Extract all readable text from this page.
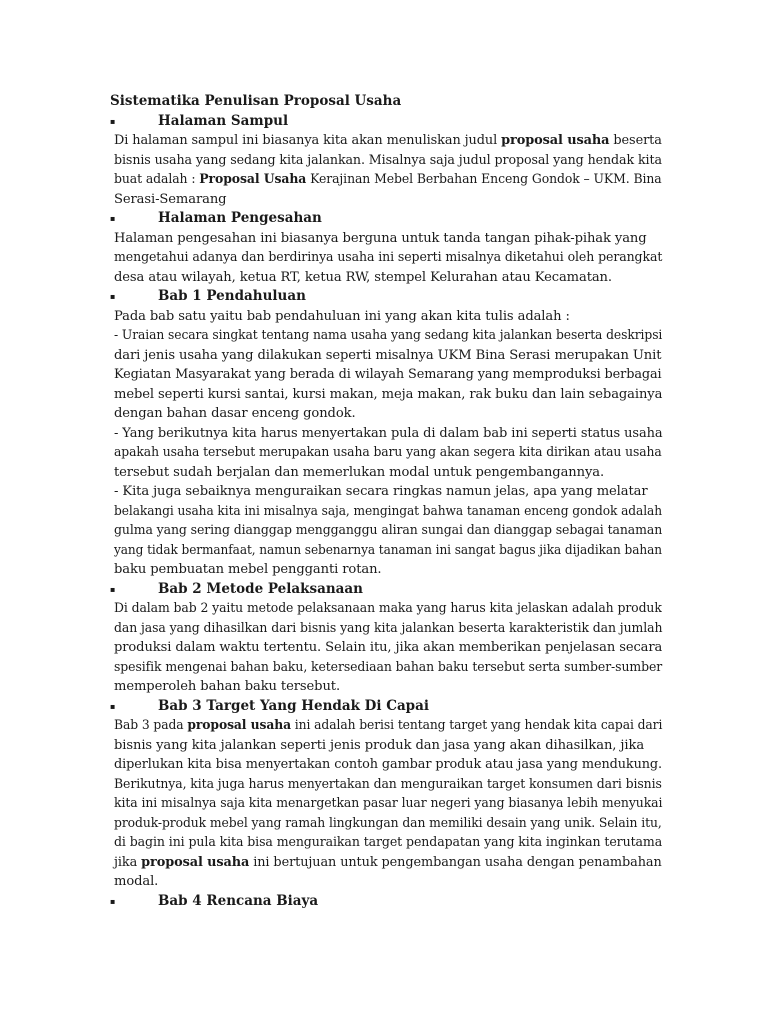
Sistematika Penulisan Proposal Usaha
▪	Halaman Sampul
Di halaman sampul ini biasanya kita akan menuliskan judul proposal usaha beserta
bisnis usaha yang sedang kita jalankan. Misalnya saja judul proposal yang hendak kita
buat adalah : Proposal Usaha Kerajinan Mebel Berbahan Enceng Gondok – UKM. Bina
Serasi-Semarang
▪	Halaman Pengesahan
Halaman pengesahan ini biasanya berguna untuk tanda tangan pihak-pihak yang
mengetahui adanya dan berdirinya usaha ini seperti misalnya diketahui oleh perangkat
desa atau wilayah, ketua RT, ketua RW, stempel Kelurahan atau Kecamatan.
▪	Bab 1 Pendahuluan
Pada bab satu yaitu bab pendahuluan ini yang akan kita tulis adalah :
- Uraian secara singkat tentang nama usaha yang sedang kita jalankan beserta deskripsi
dari jenis usaha yang dilakukan seperti misalnya UKM Bina Serasi merupakan Unit
Kegiatan Masyarakat yang berada di wilayah Semarang yang memproduksi berbagai
mebel seperti kursi santai, kursi makan, meja makan, rak buku dan lain sebagainya
dengan bahan dasar enceng gondok.
- Yang berikutnya kita harus menyertakan pula di dalam bab ini seperti status usaha
apakah usaha tersebut merupakan usaha baru yang akan segera kita dirikan atau usaha
tersebut sudah berjalan dan memerlukan modal untuk pengembangannya.
- Kita juga sebaiknya menguraikan secara ringkas namun jelas, apa yang melatar
belakangi usaha kita ini misalnya saja, mengingat bahwa tanaman enceng gondok adalah
gulma yang sering dianggap mengganggu aliran sungai dan dianggap sebagai tanaman
yang tidak bermanfaat, namun sebenarnya tanaman ini sangat bagus jika dijadikan bahan
baku pembuatan mebel pengganti rotan.
▪	Bab 2 Metode Pelaksanaan
Di dalam bab 2 yaitu metode pelaksanaan maka yang harus kita jelaskan adalah produk
dan jasa yang dihasilkan dari bisnis yang kita jalankan beserta karakteristik dan jumlah
produksi dalam waktu tertentu. Selain itu, jika akan memberikan penjelasan secara
spesifik mengenai bahan baku, ketersediaan bahan baku tersebut serta sumber-sumber
memperoleh bahan baku tersebut.
▪	Bab 3 Target Yang Hendak Di Capai
Bab 3 pada proposal usaha ini adalah berisi tentang target yang hendak kita capai dari
bisnis yang kita jalankan seperti jenis produk dan jasa yang akan dihasilkan, jika
diperlukan kita bisa menyertakan contoh gambar produk atau jasa yang mendukung.
Berikutnya, kita juga harus menyertakan dan menguraikan target konsumen dari bisnis
kita ini misalnya saja kita menargetkan pasar luar negeri yang biasanya lebih menyukai
produk-produk mebel yang ramah lingkungan dan memiliki desain yang unik. Selain itu,
di bagin ini pula kita bisa menguraikan target pendapatan yang kita inginkan terutama
jika proposal usaha ini bertujuan untuk pengembangan usaha dengan penambahan
modal.
▪	Bab 4 Rencana Biaya
